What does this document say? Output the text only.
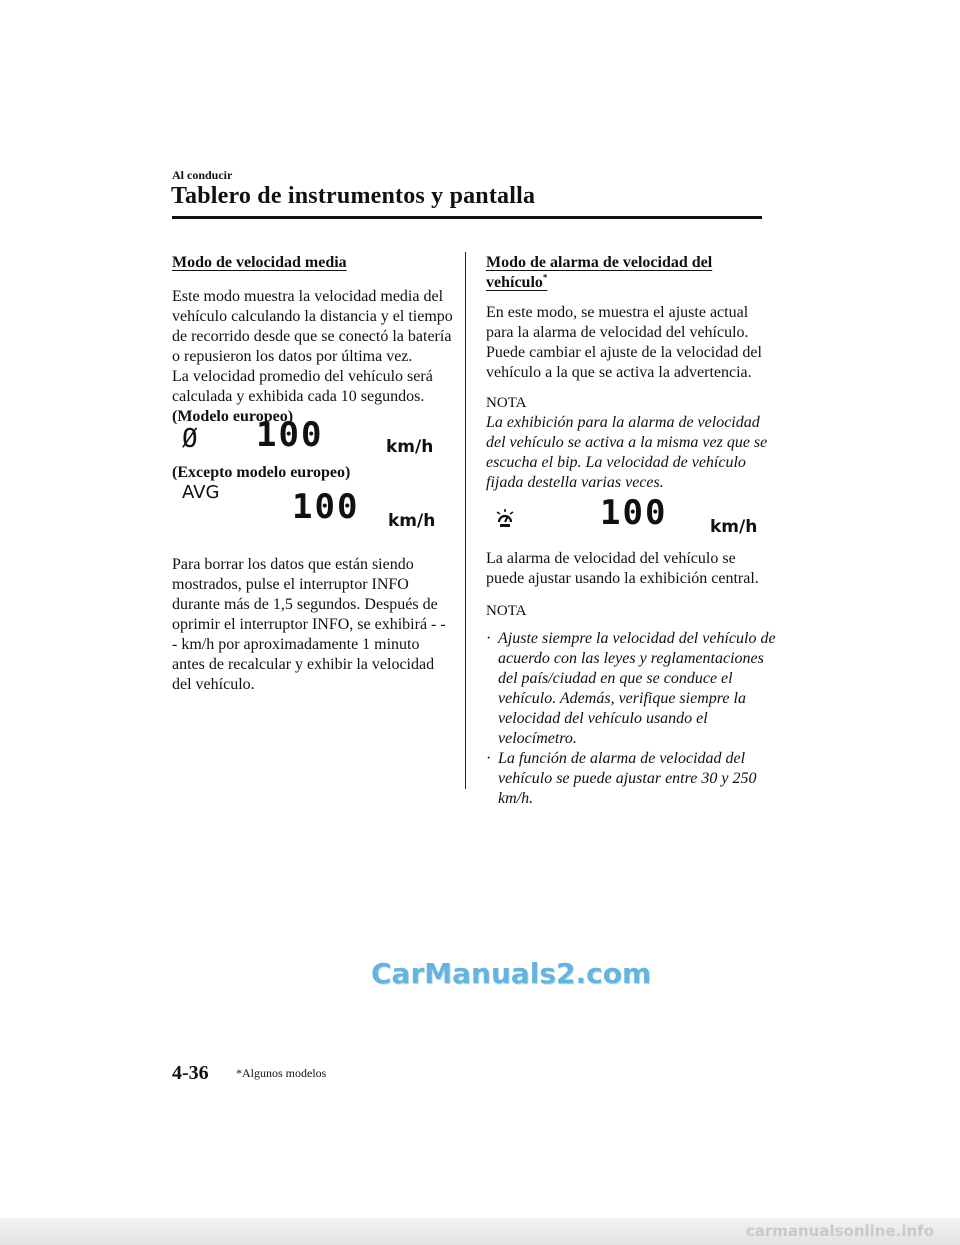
Al conducir
Tablero de instrumentos y pantalla
Modo de velocidad media

Este modo muestra la velocidad media del vehículo calculando la distancia y el tiempo de recorrido desde que se conectó la batería o repusieron los datos por última vez.

La velocidad promedio del vehículo será calculada y exhibida cada 10 segundos.

(Modelo europeo)
Ø 100	km/h
(Excepto modelo europeo)
AVG 100 km/h

Para borrar los datos que están siendo mostrados, pulse el interruptor INFO durante más de 1,5 segundos. Después de oprimir el interruptor INFO, se exhibirá - - - km/h por aproximadamente 1 minuto antes de recalcular y exhibir la velocidad del vehículo.

Modo de alarma de velocidad del
vehículo*

En este modo, se muestra el ajuste actual para la alarma de velocidad del vehículo. Puede cambiar el ajuste de la velocidad del vehículo a la que se activa la advertencia.

NOTA
La exhibición para la alarma de velocidad del vehículo se activa a la misma vez que se escucha el bip. La velocidad de vehículo fijada destella varias veces.
100	km/h

La alarma de velocidad del vehículo se puede ajustar usando la exhibición central.

NOTA
· Ajuste siempre la velocidad del vehículo de acuerdo con las leyes y reglamentaciones del país/ciudad en que se conduce el vehículo. Además, verifique siempre la velocidad del vehículo usando el velocímetro.
· La función de alarma de velocidad del vehículo se puede ajustar entre 30 y 250 km/h.
CarManuals2.com
4-36 *Algunos modelos
carmanualsonline.info
